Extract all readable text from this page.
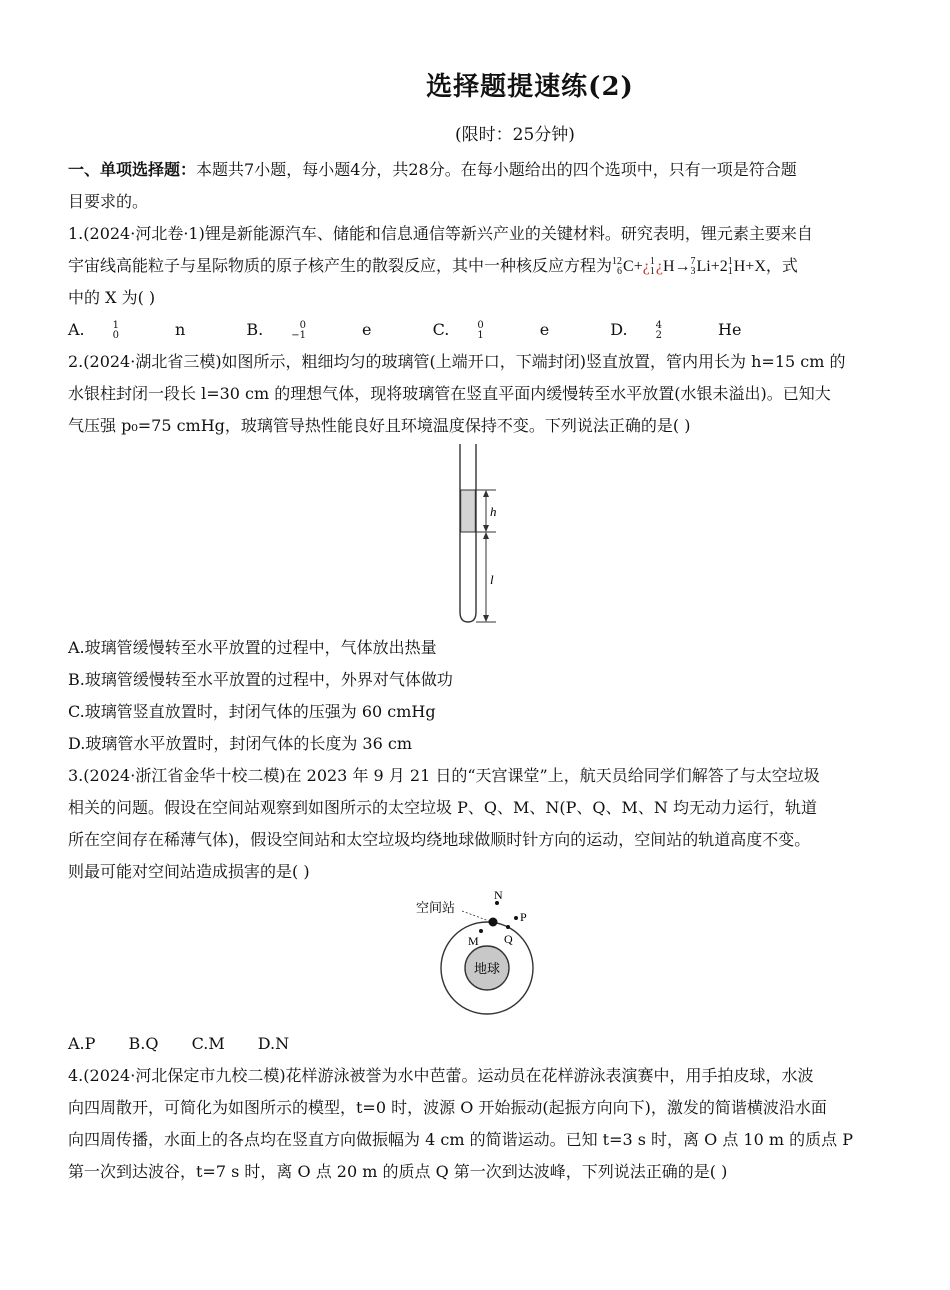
选择题提速练(2)
(限时：25分钟)
一、单项选择题：本题共7小题，每小题4分，共28分。在每小题给出的四个选项中，只有一项是符合题
目要求的。
1.(2024·河北卷·1)锂是新能源汽车、储能和信息通信等新兴产业的关键材料。研究表明，锂元素主要来自
宇宙线高能粒子与星际物质的原子核产生的散裂反应，其中一种核反应方程为 12
6 C+¿ 1
1 ¿H→ 7
3 Li+2 1
1 H+X，式
中的 X 为( )
A.	1
0	n	B.	0
−1	e	C.	0
1	e	D.	4
2	He
2.(2024·湖北省三模)如图所示，粗细均匀的玻璃管(上端开口，下端封闭)竖直放置，管内用长为 h=15 cm 的
水银柱封闭一段长 l=30 cm 的理想气体，现将玻璃管在竖直平面内缓慢转至水平放置(水银未溢出)。已知大
气压强 p₀=75 cmHg，玻璃管导热性能良好且环境温度保持不变。下列说法正确的是( )
h
l
A.玻璃管缓慢转至水平放置的过程中，气体放出热量
B.玻璃管缓慢转至水平放置的过程中，外界对气体做功
C.玻璃管竖直放置时，封闭气体的压强为 60 cmHg
D.玻璃管水平放置时，封闭气体的长度为 36 cm
3.(2024·浙江省金华十校二模)在 2023 年 9 月 21 日的“天宫课堂”上，航天员给同学们解答了与太空垃圾
相关的问题。假设在空间站观察到如图所示的太空垃圾 P、Q、M、N(P、Q、M、N 均无动力运行，轨道
所在空间存在稀薄气体)，假设空间站和太空垃圾均绕地球做顺时针方向的运动，空间站的轨道高度不变。
则最可能对空间站造成损害的是( )
地球
空间站
N
P
Q
M
A.P B.Q C.M D.N
4.(2024·河北保定市九校二模)花样游泳被誉为水中芭蕾。运动员在花样游泳表演赛中，用手拍皮球，水波
向四周散开，可简化为如图所示的模型，t=0 时，波源 O 开始振动(起振方向向下)，激发的简谐横波沿水面
向四周传播，水面上的各点均在竖直方向做振幅为 4 cm 的简谐运动。已知 t=3 s 时，离 O 点 10 m 的质点 P
第一次到达波谷，t=7 s 时，离 O 点 20 m 的质点 Q 第一次到达波峰，下列说法正确的是( )
